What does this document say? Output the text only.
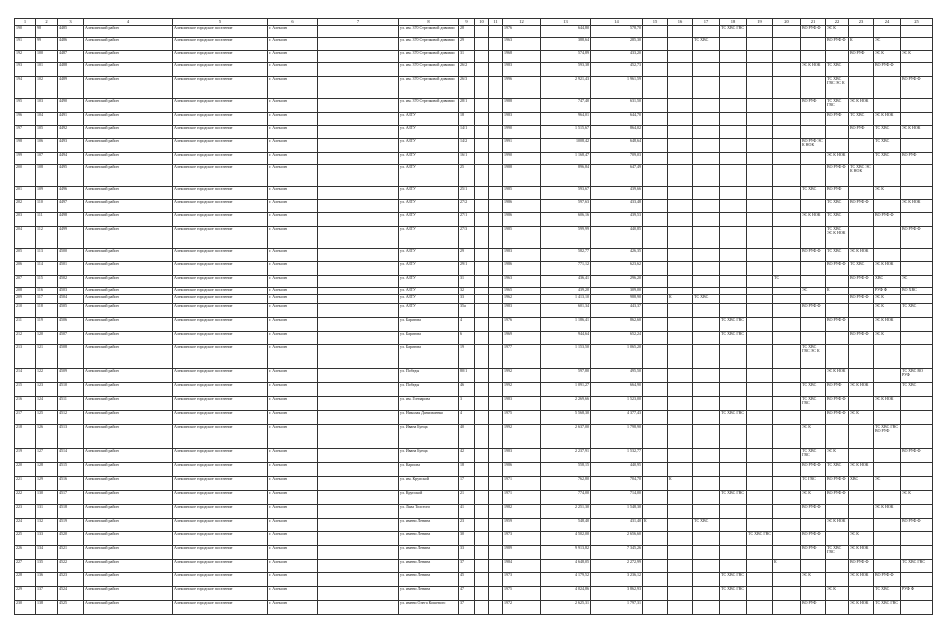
1	2	3	4	5	6	7	8	9	10	11	12	13	14	15	16	17	18	19	20	21	22	23	24	25
190	98	4485	Алексинский район	Алексинское городское поселение	г. Алексин		ул. им. 370 Стрелковой дивизии	28			1976	644,80	578,70				ТС ХВС ГВС			ВО РУФ Ф	ЭС К			
191	99	4486	Алексинский район	Алексинское городское поселение	г. Алексин		ул. им. 370 Стрелковой дивизии	29			1963	388,64	285,30			ТС ХВС					ВО РУФ Ф	К	ЭС	
192	100	4487	Алексинский район	Алексинское городское поселение	г. Алексин		ул. им. 370 Стрелковой дивизии	31			1968	574,89	433,20									ВО РУФ	ЭС К	ЭС К
193	101	4488	Алексинский район	Алексинское городское поселение	г. Алексин		ул. им. 370 Стрелковой дивизии	26/2			1983	593,38	452,73							ЭС К НОК	ТС ХВС		ВО РУФ Ф	
194	102	4489	Алексинский район	Алексинское городское поселение	г. Алексин		ул. им. 370 Стрелковой дивизии	26/3			1996	2 921,43	1 961,59								ТС ХВС ГВС ЭС К			ВО РУФ Ф
195	103	4490	Алексинский район	Алексинское городское поселение	г. Алексин		ул. им. 370 Стрелковой дивизии	28/1			1988	747,40	631,50							ВО РУФ	ТС ХВС ГВС	ЭС К НОК		
196	104	4491	Алексинский район	Алексинское городское поселение	г. Алексин		ул. АЗТУ	18			1983	964,01	644,70								ВО РУФ	ТС ХВС	ЭС К НОК	
197	105	4492	Алексинский район	Алексинское городское поселение	г. Алексин		ул. АЗТУ	14/1			1990	1 515,67	864,02									ВО РУФ	ТС ХВС	ЭС К НОК
198	106	4493	Алексинский район	Алексинское городское поселение	г. Алексин		ул. АЗТУ	14/2			1991	1008,42	648,64							ВО РУФ ЭС К НОК			ТС ХВС	
199	107	4494	Алексинский район	Алексинское городское поселение	г. Алексин		ул. АЗТУ	16/1			1990	1 168,47	709,03								ЭС К НОК		ТС ХВС	ВО РУФ
200	108	4495	Алексинский район	Алексинское городское поселение	г. Алексин		ул. АЗТУ	25			1988	896,84	647,49								ВО РУФ Ф	ТС ХВС ЭС К НОК		
201	109	4496	Алексинский район	Алексинское городское поселение	г. Алексин		ул. АЗТУ	25/1			1985	593,67	439,66							ТС ХВС	ВО РУФ		ЭС К	
202	110	4497	Алексинский район	Алексинское городское поселение	г. Алексин		ул. АЗТУ	27/2			1986	597,63	433,48								ТС ХВС	ВО РУФ Ф		ЭС К НОК
203	111	4498	Алексинский район	Алексинское городское поселение	г. Алексин		ул. АЗТУ	27/1			1986	606,16	439,53							ЭС К НОК	ТС ХВС		ВО РУФ Ф	
204	112	4499	Алексинский район	Алексинское городское поселение	г. Алексин		ул. АЗТУ	27/3			1985	599,99	440,85								ТС ХВС ЭС К НОК			ВО РУФ Ф
205	113	4500	Алексинский район	Алексинское городское поселение	г. Алексин		ул. АЗТУ	29			1983	582,77	426,35							ВО РУФ Ф	ТС ХВС	ЭС К НОК		
206	114	4501	Алексинский район	Алексинское городское поселение	г. Алексин		ул. АЗТУ	29/1			1986	771,12	623,62								ВО РУФ Ф	ТС ХВС	ЭС К НОК	
207	115	4502	Алексинский район	Алексинское городское поселение	г. Алексин		ул. АЗТУ	31			1963	436,41	296,20						ТС			ВО РУФ Ф	ХВС	ЭС
208	116	4503	Алексинский район	Алексинское городское поселение	г. Алексин		ул. АЗТУ	32			1965	439,20	309,00							ЭС	К		РУФ Ф	ВО ХВС
209	117	4504	Алексинский район	Алексинское городское поселение	г. Алексин		ул. АЗТУ	33			1962	1 413,10	988,90		К	ТС ХВС						ВО РУФ Ф	ЭС К	
210	118	4505	Алексинский район	Алексинское городское поселение	г. Алексин		ул. АЗТУ	35а			1983	601,34	443,37							ВО РУФ Ф			ЭС К	ТС ХВС
211	119	4506	Алексинский район	Алексинское городское поселение	г. Алексин		ул. Баратова	4			1976	1 186,41	862,60				ТС ХВС ГВС				ВО РУФ Ф		ЭС К НОК	
212	120	4507	Алексинский район	Алексинское городское поселение	г. Алексин		ул. Баратова	6			1969	944,64	652,24				ТС ХВС ГВС					ВО РУФ Ф	ЭС К	
213	121	4508	Алексинский район	Алексинское городское поселение	г. Алексин		ул. Баратова	19			1977	1 153,50	1 065,20							ТС ХВС ГВС ЭС К				
214	122	4509	Алексинский район	Алексинское городское поселение	г. Алексин		ул. Победы	80/1			1992	597,80	495,50								ЭС К НОК			ТС ХВС ВО РУФ
215	123	4510	Алексинский район	Алексинское городское поселение	г. Алексин		ул. Победы	46			1992	1 091,27	664,90							ТС ХВС	ВО РУФ	ЭС К НОК		ТС ХВС
216	124	4511	Алексинский район	Алексинское городское поселение	г. Алексин		ул. им. Гончарова	3			1983	2 269,66	1 523,00							ТС ХВС ГВС	ВО РУФ Ф		ЭС К НОК	
217	125	4512	Алексинский район	Алексинское городское поселение	г. Алексин		ул. Николая Данильченко	4			1975	5 568,30	4 377,43				ТС ХВС ГВС				ВО РУФ Ф	ЭС К		
218	126	4513	Алексинский район	Алексинское городское поселение	г. Алексин		ул. Ивана Бунца	40			1992	2 637,00	1 798,90							ЭС К			ТС ХВС ГВС ВО РУФ	
219	127	4514	Алексинский район	Алексинское городское поселение	г. Алексин		ул. Ивана Бунца	42			1983	2 237,91	1 532,77							ТС ХВС ГВС	ЭС К			ВО РУФ Ф
220	128	4515	Алексинский район	Алексинское городское поселение	г. Алексин		ул. Карпова	18			1986	558,15	440,95							ВО РУФ Ф	ТС ХВС	ЭС К НОК		
221	129	4516	Алексинский район	Алексинское городское поселение	г. Алексин		ул. им. Крупской	17			1971	762,80	704,70		К					ТС ГВС	ВО РУФ Ф	ХВС	ЭС	
222	130	4517	Алексинский район	Алексинское городское поселение	г. Алексин		ул. Крупской	21			1971	774,00	714,00				ТС ХВС ГВС			ЭС К	ВО РУФ Ф			ЭС К
223	131	4518	Алексинский район	Алексинское городское поселение	г. Алексин		ул. Льва Толстого	41			1982	2 251,30	1 548,30							ВО РУФ Ф			ЭС К НОК	
224	132	4519	Алексинский район	Алексинское городское поселение	г. Алексин		ул. имени Ленина	23			1959	548,40	431,40	К		ТС ХВС					ЭС К НОК			ВО РУФ Ф
225	133	4520	Алексинский район	Алексинское городское поселение	г. Алексин		ул. имени Ленина	30			1973	4 502,00	2 656,60					ТС ХВС ГВС		ВО РУФ Ф		ЭС К		
226	134	4521	Алексинский район	Алексинское городское поселение	г. Алексин		ул. имени Ленина	33			1989	9 913,82	7 345,26							ВО РУФ	ТС ХВС ГВС	ЭС К НОК		
227	135	4522	Алексинский район	Алексинское городское поселение	г. Алексин		ул. имени Ленина	37			1984	4 648,05	2 272,99						К			ВО РУФ Ф		ТС ХВС ГВС
228	136	4523	Алексинский район	Алексинское городское поселение	г. Алексин		ул. имени Ленина	45			1973	4 179,52	3 236,12				ТС ХВС ГВС			ЭС К		ЭС К НОК	ВО РУФ Ф	
229	137	4524	Алексинский район	Алексинское городское поселение	г. Алексин		ул. имени Ленина	47			1975	4 024,86	3 862,93				ТС ХВС ГВС				ЭС К		ТС ХВС	РУФ Ф
230	138	4525	Алексинский район	Алексинское городское поселение	г. Алексин		ул. имени Олега Кошевого	37			1972	2 625,31	1 797,31							ВО РУФ		ЭС К НОК	ТС ХВС ГВС	
